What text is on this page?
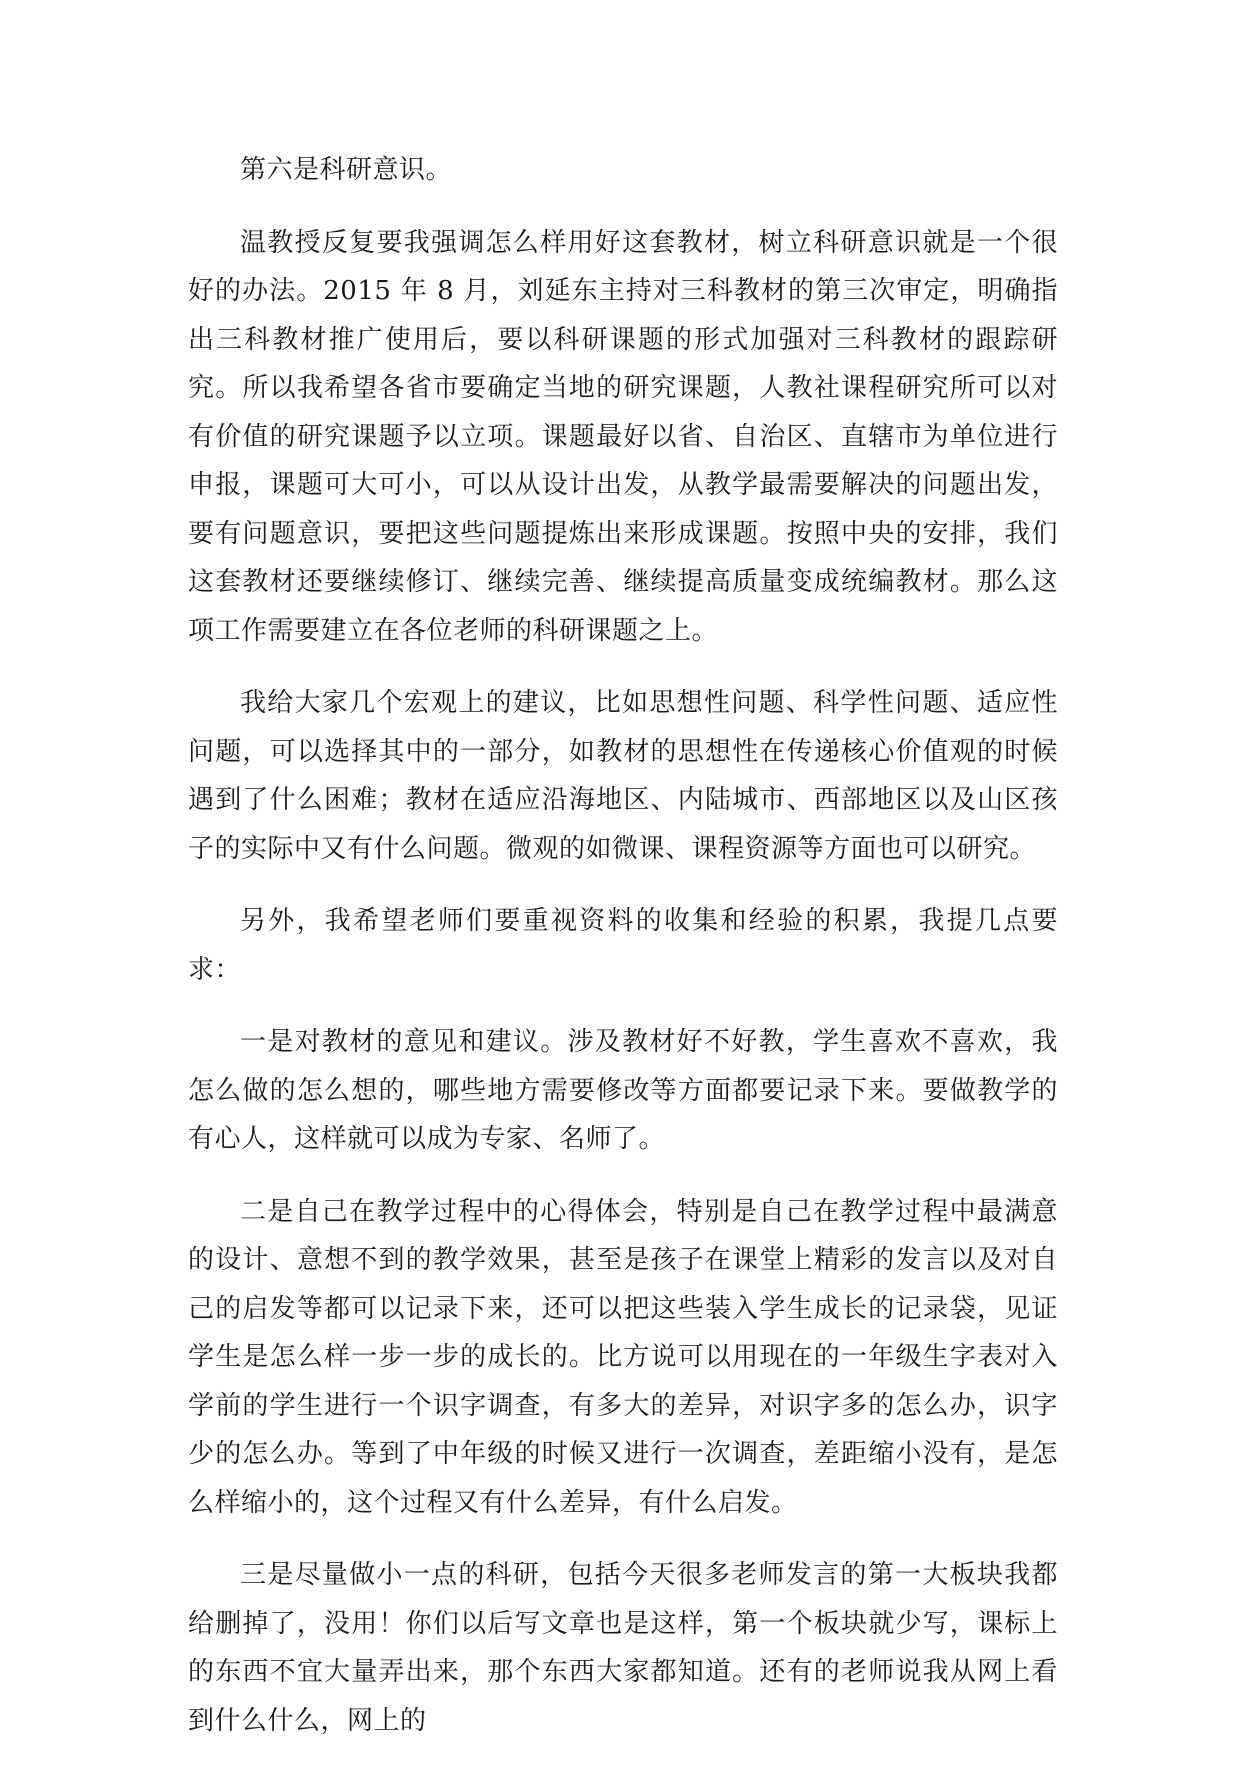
第六是科研意识。

温教授反复要我强调怎么样用好这套教材，树立科研意识就是一个很好的办法。2015 年 8 月，刘延东主持对三科教材的第三次审定，明确指出三科教材推广使用后，要以科研课题的形式加强对三科教材的跟踪研究。所以我希望各省市要确定当地的研究课题，人教社课程研究所可以对有价值的研究课题予以立项。课题最好以省、自治区、直辖市为单位进行申报，课题可大可小，可以从设计出发，从教学最需要解决的问题出发，要有问题意识，要把这些问题提炼出来形成课题。按照中央的安排，我们这套教材还要继续修订、继续完善、继续提高质量变成统编教材。那么这项工作需要建立在各位老师的科研课题之上。

我给大家几个宏观上的建议，比如思想性问题、科学性问题、适应性问题，可以选择其中的一部分，如教材的思想性在传递核心价值观的时候遇到了什么困难；教材在适应沿海地区、内陆城市、西部地区以及山区孩子的实际中又有什么问题。微观的如微课、课程资源等方面也可以研究。

另外，我希望老师们要重视资料的收集和经验的积累，我提几点要求：

一是对教材的意见和建议。涉及教材好不好教，学生喜欢不喜欢，我怎么做的怎么想的，哪些地方需要修改等方面都要记录下来。要做教学的有心人，这样就可以成为专家、名师了。

二是自己在教学过程中的心得体会，特别是自己在教学过程中最满意的设计、意想不到的教学效果，甚至是孩子在课堂上精彩的发言以及对自己的启发等都可以记录下来，还可以把这些装入学生成长的记录袋，见证学生是怎么样一步一步的成长的。比方说可以用现在的一年级生字表对入学前的学生进行一个识字调查，有多大的差异，对识字多的怎么办，识字少的怎么办。等到了中年级的时候又进行一次调查，差距缩小没有，是怎么样缩小的，这个过程又有什么差异，有什么启发。

三是尽量做小一点的科研，包括今天很多老师发言的第一大板块我都给删掉了，没用！你们以后写文章也是这样，第一个板块就少写，课标上的东西不宜大量弄出来，那个东西大家都知道。还有的老师说我从网上看到什么什么，网上的
